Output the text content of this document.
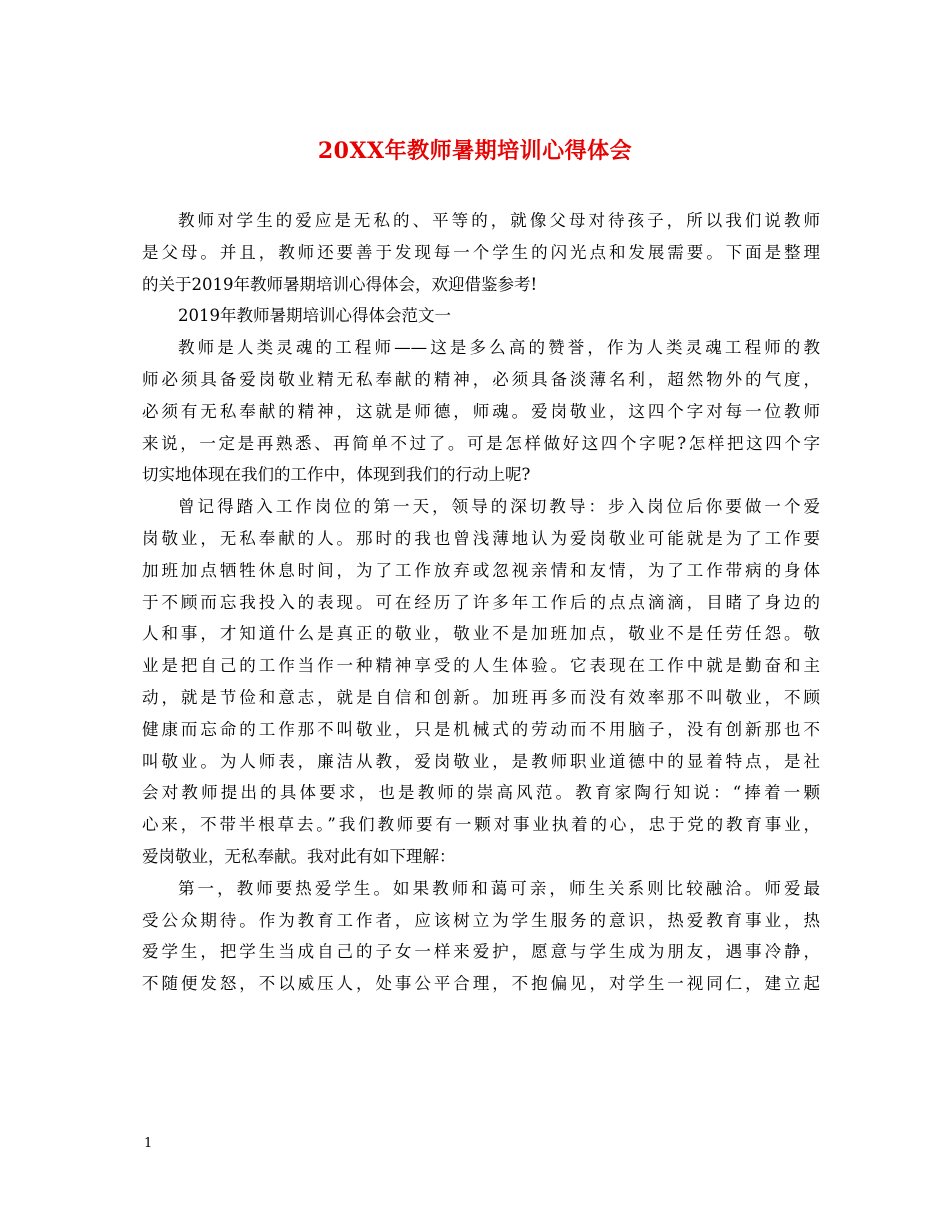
20XX年教师暑期培训心得体会
教师对学生的爱应是无私的、平等的，就像父母对待孩子，所以我们说教师
是父母。并且，教师还要善于发现每一个学生的闪光点和发展需要。下面是整理
的关于2019年教师暑期培训心得体会，欢迎借鉴参考!
2019年教师暑期培训心得体会范文一
教师是人类灵魂的工程师——这是多么高的赞誉，作为人类灵魂工程师的教
师必须具备爱岗敬业精无私奉献的精神，必须具备淡薄名利，超然物外的气度，
必须有无私奉献的精神，这就是师德，师魂。爱岗敬业，这四个字对每一位教师
来说，一定是再熟悉、再简单不过了。可是怎样做好这四个字呢?怎样把这四个字
切实地体现在我们的工作中，体现到我们的行动上呢?
曾记得踏入工作岗位的第一天，领导的深切教导：步入岗位后你要做一个爱
岗敬业，无私奉献的人。那时的我也曾浅薄地认为爱岗敬业可能就是为了工作要
加班加点牺牲休息时间，为了工作放弃或忽视亲情和友情，为了工作带病的身体
于不顾而忘我投入的表现。可在经历了许多年工作后的点点滴滴，目睹了身边的
人和事，才知道什么是真正的敬业，敬业不是加班加点，敬业不是任劳任怨。敬
业是把自己的工作当作一种精神享受的人生体验。它表现在工作中就是勤奋和主
动，就是节俭和意志，就是自信和创新。加班再多而没有效率那不叫敬业，不顾
健康而忘命的工作那不叫敬业，只是机械式的劳动而不用脑子，没有创新那也不
叫敬业。为人师表，廉洁从教，爱岗敬业，是教师职业道德中的显着特点，是社
会对教师提出的具体要求，也是教师的崇高风范。教育家陶行知说：“捧着一颗
心来，不带半根草去。”我们教师要有一颗对事业执着的心，忠于党的教育事业，
爱岗敬业，无私奉献。我对此有如下理解：
第一，教师要热爱学生。如果教师和蔼可亲，师生关系则比较融洽。师爱最
受公众期待。作为教育工作者，应该树立为学生服务的意识，热爱教育事业，热
爱学生，把学生当成自己的子女一样来爱护，愿意与学生成为朋友，遇事冷静，
不随便发怒，不以威压人，处事公平合理，不抱偏见，对学生一视同仁，建立起
1
